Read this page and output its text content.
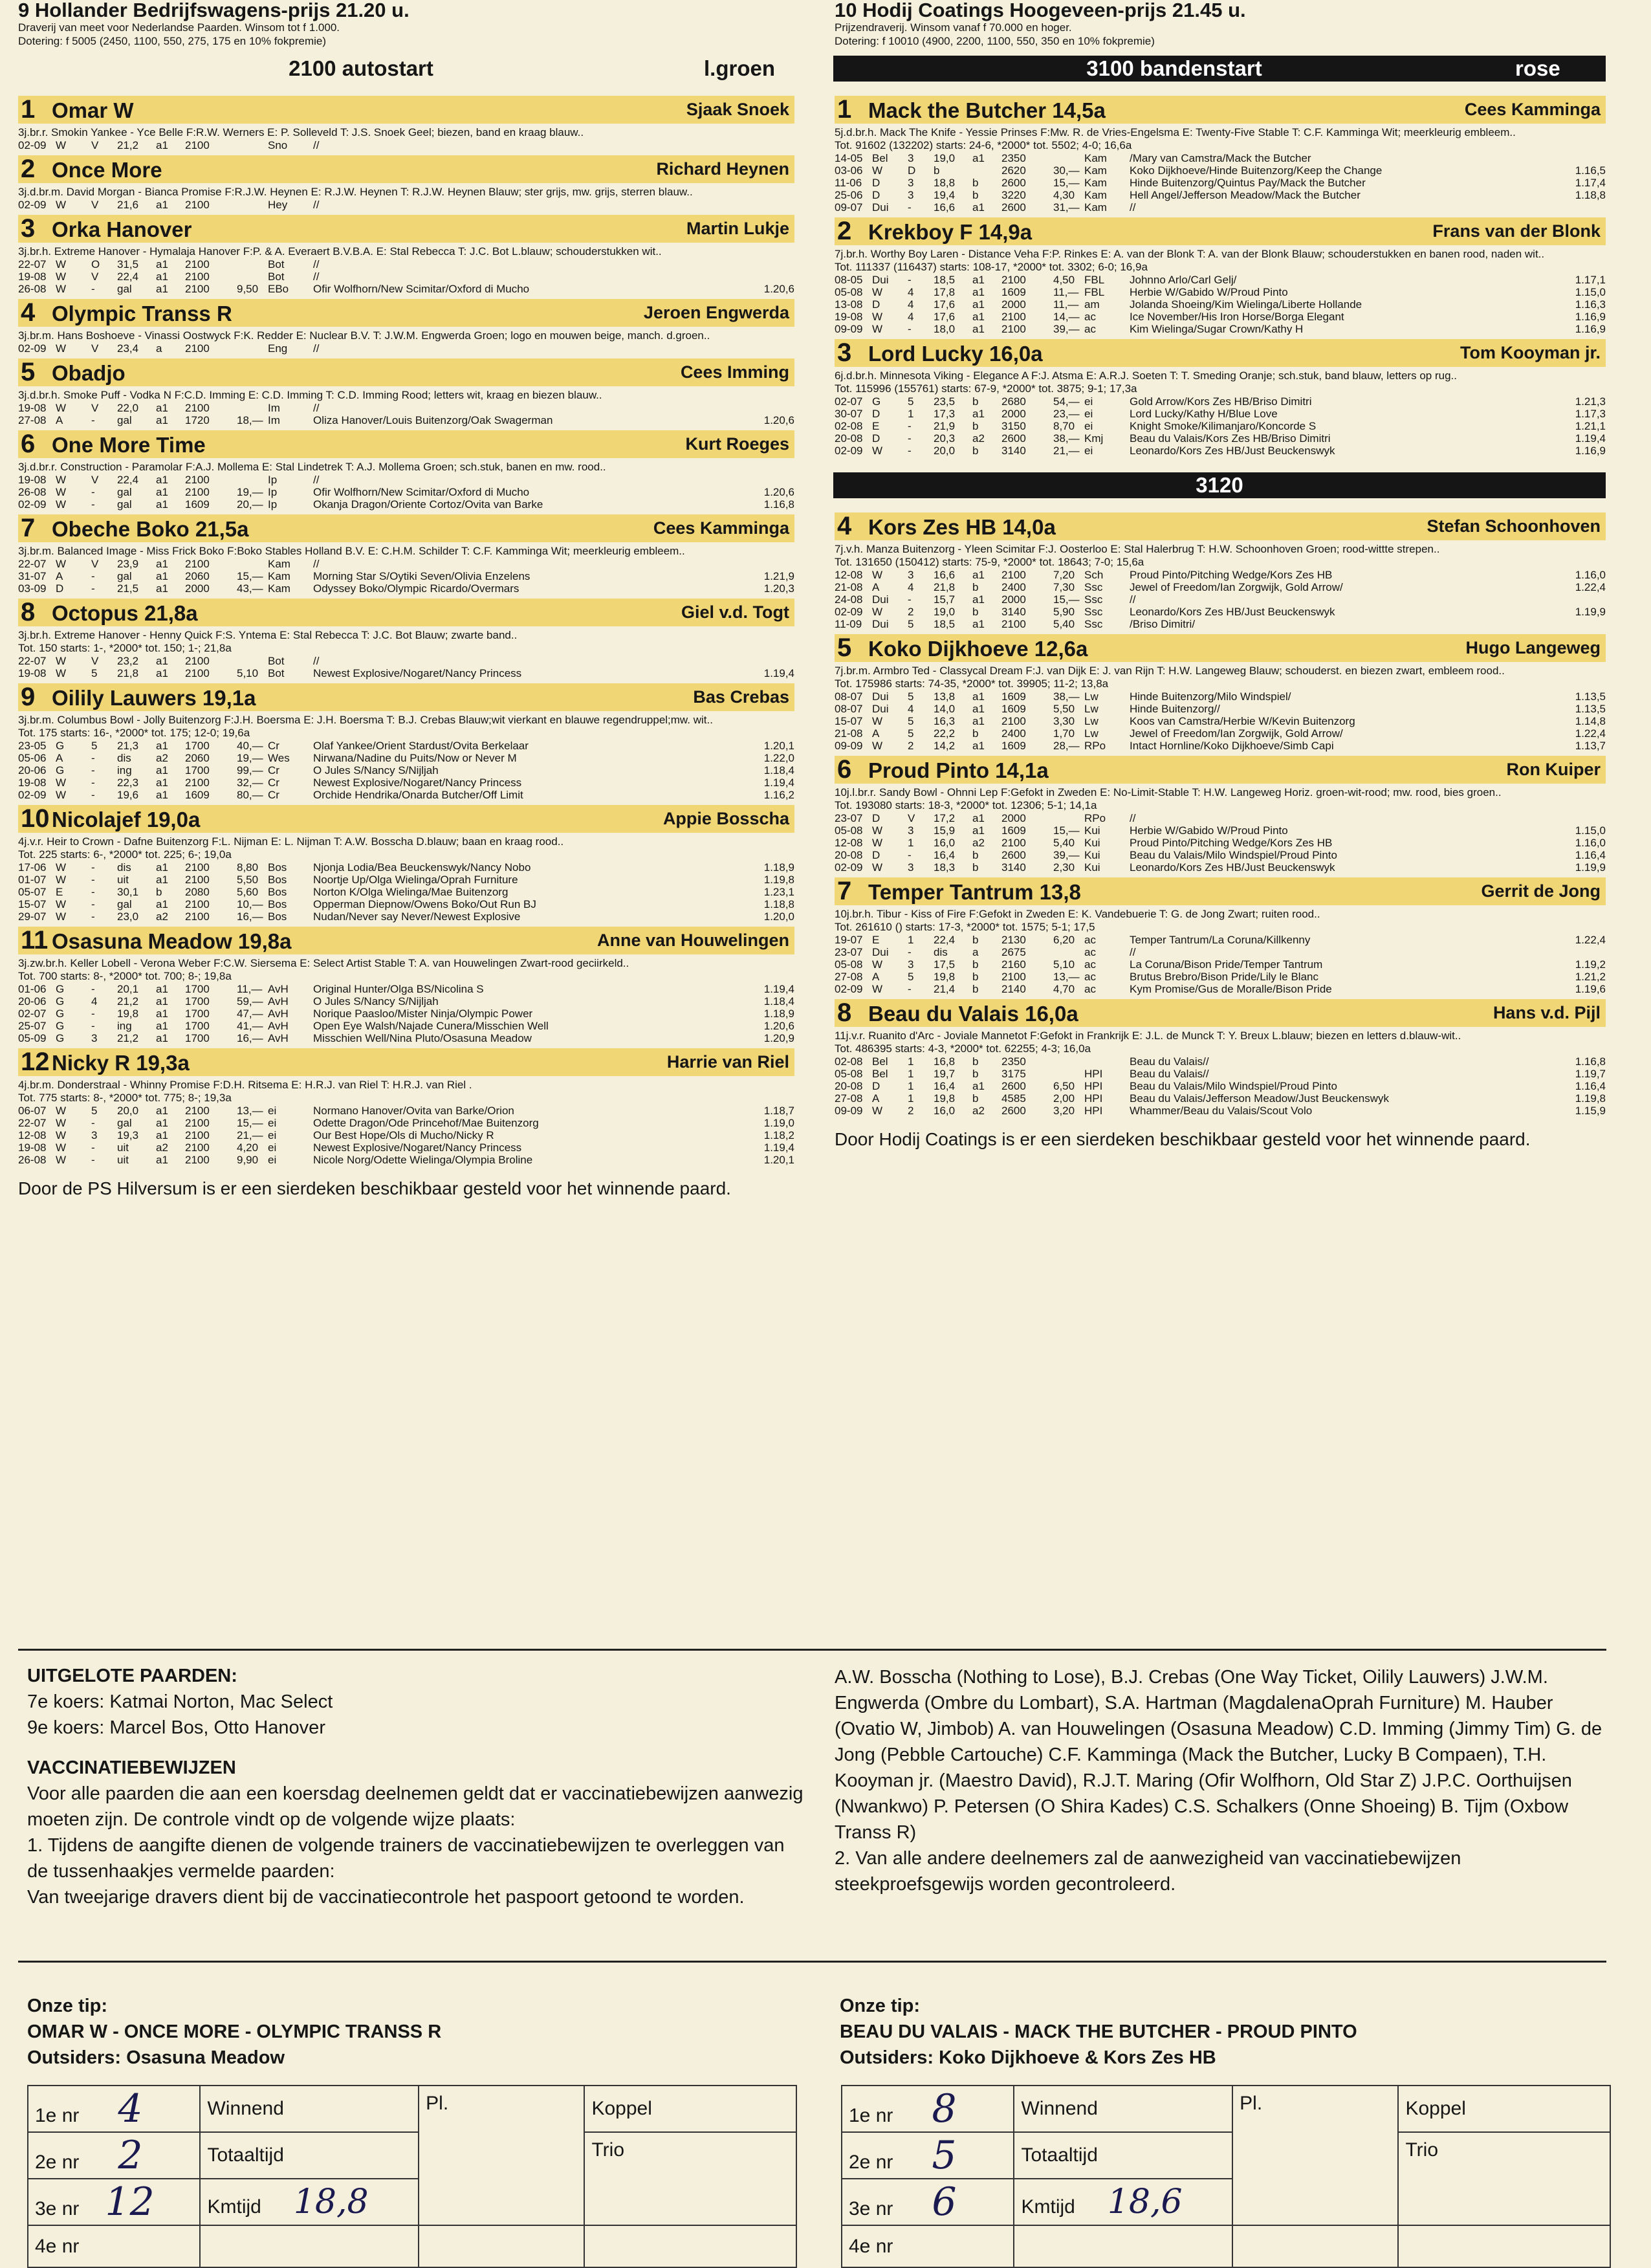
9 Hollander Bedrijfswagens-prijs 21.20 u.
Draverij van meet voor Nederlandse Paarden. Winsom tot f 1.000.
Dotering: f 5005 (2450, 1100, 550, 275, 175 en 10% fokpremie)
2100 autostart	l.groen
1 Omar W	Sjaak Snoek
3j.br.r. Smokin Yankee - Yce Belle F:R.W. Werners E: P. Solleveld T: J.S. Snoek Geel; biezen, band en kraag blauw..
02-09 W	V	21,2	a1	2100	Sno	//
2 Once More	Richard Heynen
3j.d.br.m. David Morgan - Bianca Promise F:R.J.W. Heynen E: R.J.W. Heynen T: R.J.W. Heynen Blauw; ster grijs, mw. grijs, sterren blauw..
02-09 W	V	21,6	a1	2100	Hey	//
3 Orka Hanover	Martin Lukje
3j.br.h. Extreme Hanover - Hymalaja Hanover F:P. & A. Everaert B.V.B.A. E: Stal Rebecca T: J.C. Bot L.blauw; schouderstukken wit..
22-07 W	O	31,5	a1	2100	Bot	//
19-08 W	V	22,4	a1	2100	Bot	//
26-08 W	-	gal	a1	2100	9,50 EBo	Ofir Wolfhorn/New Scimitar/Oxford di Mucho	1.20,6
4 Olympic Transs R	Jeroen Engwerda
3j.br.m. Hans Boshoeve - Vinassi Oostwyck F:K. Redder E: Nuclear B.V. T: J.W.M. Engwerda Groen; logo en mouwen beige, manch. d.groen..
02-09 W	V	23,4	a	2100	Eng	//
5 Obadjo	Cees Imming
3j.d.br.h. Smoke Puff - Vodka N F:C.D. Imming E: C.D. Imming T: C.D. Imming Rood; letters wit, kraag en biezen blauw..
19-08 W	V	22,0	a1	2100	Im	//
27-08 A	-	gal	a1	1720	18,— Im	Oliza Hanover/Louis Buitenzorg/Oak Swagerman	1.20,6
6 One More Time	Kurt Roeges
3j.d.br.r. Construction - Paramolar F:A.J. Mollema E: Stal Lindetrek T: A.J. Mollema Groen; sch.stuk, banen en mw. rood..
19-08 W	V	22,4	a1	2100	Ip	//
26-08 W	-	gal	a1	2100	19,— Ip	Ofir Wolfhorn/New Scimitar/Oxford di Mucho	1.20,6
02-09 W	-	gal	a1	1609	20,— Ip	Okanja Dragon/Oriente Cortoz/Ovita van Barke	1.16,8
7 Obeche Boko 21,5a	Cees Kamminga
3j.br.m. Balanced Image - Miss Frick Boko F:Boko Stables Holland B.V. E: C.H.M. Schilder T: C.F. Kamminga Wit; meerkleurig embleem..
22-07 W	V	23,9	a1	2100	Kam	//
31-07 A	-	gal	a1	2060	15,— Kam	Morning Star S/Oytiki Seven/Olivia Enzelens	1.21,9
03-09 D	-	21,5	a1	2000	43,— Kam	Odyssey Boko/Olympic Ricardo/Overmars	1.20,3
8 Octopus 21,8a	Giel v.d. Togt
3j.br.h. Extreme Hanover - Henny Quick F:S. Yntema E: Stal Rebecca T: J.C. Bot Blauw; zwarte band..
Tot. 150 starts: 1-, *2000* tot. 150; 1-; 21,8a
22-07 W	V	23,2	a1	2100	Bot	//
19-08 W	5	21,8	a1	2100	5,10 Bot	Newest Explosive/Nogaret/Nancy Princess	1.19,4
9 Oilily Lauwers 19,1a	Bas Crebas
3j.br.m. Columbus Bowl - Jolly Buitenzorg F:J.H. Boersma E: J.H. Boersma T: B.J. Crebas Blauw;wit vierkant en blauwe regendruppel;mw. wit..
Tot. 175 starts: 16-, *2000* tot. 175; 12-0; 19,6a
23-05 G	5	21,3	a1	1700	40,— Cr	Olaf Yankee/Orient Stardust/Ovita Berkelaar	1.20,1
05-06 A	-	dis	a2	2060	19,— Wes	Nirwana/Nadine du Puits/Now or Never M	1.22,0
20-06 G	-	ing	a1	1700	99,— Cr	O Jules S/Nancy S/Nijljah	1.18,4
19-08 W	-	22,3	a1	2100	32,— Cr	Newest Explosive/Nogaret/Nancy Princess	1.19,4
02-09 W	-	19,6	a1	1609	80,— Cr	Orchide Hendrika/Onarda Butcher/Off Limit	1.16,2
10 Nicolajef 19,0a	Appie Bosscha
4j.v.r. Heir to Crown - Dafne Buitenzorg F:L. Nijman E: L. Nijman T: A.W. Bosscha D.blauw; baan en kraag rood..
Tot. 225 starts: 6-, *2000* tot. 225; 6-; 19,0a
17-06 W	-	dis	a1	2100	8,80 Bos	Njonja Lodia/Bea Beuckenswyk/Nancy Nobo	1.18,9
01-07 W	-	uit	a1	2100	5,50 Bos	Noortje Up/Olga Wielinga/Oprah Furniture	1.19,8
05-07 E	-	30,1	b	2080	5,60 Bos	Norton K/Olga Wielinga/Mae Buitenzorg	1.23,1
15-07 W	-	gal	a1	2100	10,— Bos	Opperman Diepnow/Owens Boko/Out Run BJ	1.18,8
29-07 W	-	23,0	a2	2100	16,— Bos	Nudan/Never say Never/Newest Explosive	1.20,0
11 Osasuna Meadow 19,8a	Anne van Houwelingen
3j.zw.br.h. Keller Lobell - Verona Weber F:C.W. Siersema E: Select Artist Stable T: A. van Houwelingen Zwart-rood geciirkeld..
Tot. 700 starts: 8-, *2000* tot. 700; 8-; 19,8a
01-06 G	-	20,1	a1	1700	11,— AvH	Original Hunter/Olga BS/Nicolina S	1.19,4
20-06 G	4	21,2	a1	1700	59,— AvH	O Jules S/Nancy S/Nijljah	1.18,4
02-07 G	-	19,8	a1	1700	47,— AvH	Norique Paasloo/Mister Ninja/Olympic Power	1.18,9
25-07 G	-	ing	a1	1700	41,— AvH	Open Eye Walsh/Najade Cunera/Misschien Well	1.20,6
05-09 G	3	21,2	a1	1700	16,— AvH	Misschien Well/Nina Pluto/Osasuna Meadow	1.20,9
12 Nicky R 19,3a	Harrie van Riel
4j.br.m. Donderstraal - Whinny Promise F:D.H. Ritsema E: H.R.J. van Riel T: H.R.J. van Riel .
Tot. 775 starts: 8-, *2000* tot. 775; 8-; 19,3a
06-07 W	5	20,0	a1	2100	13,— ei	Normano Hanover/Ovita van Barke/Orion	1.18,7
22-07 W	-	gal	a1	2100	15,— ei	Odette Dragon/Ode Princehof/Mae Buitenzorg	1.19,0
12-08 W	3	19,3	a1	2100	21,— ei	Our Best Hope/Ols di Mucho/Nicky R	1.18,2
19-08 W	-	uit	a2	2100	4,20 ei	Newest Explosive/Nogaret/Nancy Princess	1.19,4
26-08 W	-	uit	a1	2100	9,90 ei	Nicole Norg/Odette Wielinga/Olympia Broline	1.20,1
Door de PS Hilversum is er een sierdeken beschikbaar gesteld voor het winnende paard.
10 Hodij Coatings Hoogeveen-prijs 21.45 u.
Prijzendraverij. Winsom vanaf f 70.000 en hoger.
Dotering: f 10010 (4900, 2200, 1100, 550, 350 en 10% fokpremie)
3100 bandenstart	rose
1 Mack the Butcher 14,5a	Cees Kamminga
5j.d.br.h. Mack The Knife - Yessie Prinses F:Mw. R. de Vries-Engelsma E: Twenty-Five Stable T: C.F. Kamminga Wit; meerkleurig embleem..
Tot. 91602 (132202) starts: 24-6, *2000* tot. 5502; 4-0; 16,6a
14-05 Bel	3	19,0	a1	2350	Kam	/Mary van Camstra/Mack the Butcher
03-06 W	D	b	2620	30,— Kam	Koko Dijkhoeve/Hinde Buitenzorg/Keep the Change	1.16,5
11-06 D	3	18,8	b	2600	15,— Kam	Hinde Buitenzorg/Quintus Pay/Mack the Butcher	1.17,4
25-06 D	3	19,4	b	3220	4,30 Kam	Hell Angel/Jefferson Meadow/Mack the Butcher	1.18,8
09-07 Dui	-	16,6	a1	2600	31,— Kam	//
2 Krekboy F 14,9a	Frans van der Blonk
7j.br.h. Worthy Boy Laren - Distance Veha F:P. Rinkes E: A. van der Blonk T: A. van der Blonk Blauw; schouderstukken en banen rood, naden wit..
Tot. 111337 (116437) starts: 108-17, *2000* tot. 3302; 6-0; 16,9a
08-05 Dui	-	18,5	a1	2100	4,50 FBL	Johnno Arlo/Carl Gelj/	1.17,1
05-08 W	4	17,8	a1	1609	11,— FBL	Herbie W/Gabido W/Proud Pinto	1.15,0
13-08 D	4	17,6	a1	2000	11,— am	Jolanda Shoeing/Kim Wielinga/Liberte Hollande	1.16,3
19-08 W	4	17,6	a1	2100	14,— ac	Ice November/His Iron Horse/Borga Elegant	1.16,9
09-09 W	-	18,0	a1	2100	39,— ac	Kim Wielinga/Sugar Crown/Kathy H	1.16,9
3 Lord Lucky 16,0a	Tom Kooyman jr.
6j.d.br.h. Minnesota Viking - Elegance A F:J. Atsma E: A.R.J. Soeten T: T. Smeding Oranje; sch.stuk, band blauw, letters op rug..
Tot. 115996 (155761) starts: 67-9, *2000* tot. 3875; 9-1; 17,3a
02-07 G	5	23,5	b	2680	54,— ei	Gold Arrow/Kors Zes HB/Briso Dimitri	1.21,3
30-07 D	1	17,3	a1	2000	23,— ei	Lord Lucky/Kathy H/Blue Love	1.17,3
02-08 E	-	21,9	b	3150	8,70 ei	Knight Smoke/Kilimanjaro/Koncorde S	1.21,1
20-08 D	-	20,3	a2	2600	38,— Kmj	Beau du Valais/Kors Zes HB/Briso Dimitri	1.19,4
02-09 W	-	20,0	b	3140	21,— ei	Leonardo/Kors Zes HB/Just Beuckenswyk	1.16,9
3120
4 Kors Zes HB 14,0a	Stefan Schoonhoven
7j.v.h. Manza Buitenzorg - Yleen Scimitar F:J. Oosterloo E: Stal Halerbrug T: H.W. Schoonhoven Groen; rood-wittte strepen..
Tot. 131650 (150412) starts: 75-9, *2000* tot. 18643; 7-0; 15,6a
12-08 W	3	16,6	a1	2100	7,20 Sch	Proud Pinto/Pitching Wedge/Kors Zes HB	1.16,0
21-08 A	4	21,8	b	2400	7,30 Ssc	Jewel of Freedom/Ian Zorgwijk, Gold Arrow/	1.22,4
24-08 Dui	-	15,7	a1	2000	15,— Ssc	//
02-09 W	2	19,0	b	3140	5,90 Ssc	Leonardo/Kors Zes HB/Just Beuckenswyk	1.19,9
11-09 Dui	5	18,5	a1	2100	5,40 Ssc	/Briso Dimitri/
5 Koko Dijkhoeve 12,6a	Hugo Langeweg
7j.br.m. Armbro Ted - Classycal Dream F:J. van Dijk E: J. van Rijn T: H.W. Langeweg Blauw; schouderst. en biezen zwart, embleem rood..
Tot. 175986 starts: 74-35, *2000* tot. 39905; 11-2; 13,8a
08-07 Dui	5	13,8	a1	1609	38,— Lw	Hinde Buitenzorg/Milo Windspiel/	1.13,5
08-07 Dui	4	14,0	a1	1609	5,50 Lw	Hinde Buitenzorg//	1.13,5
15-07 W	5	16,3	a1	2100	3,30 Lw	Koos van Camstra/Herbie W/Kevin Buitenzorg	1.14,8
21-08 A	5	22,2	b	2400	1,70 Lw	Jewel of Freedom/Ian Zorgwijk, Gold Arrow/	1.22,4
09-09 W	2	14,2	a1	1609	28,— RPo	Intact Hornline/Koko Dijkhoeve/Simb Capi	1.13,7
6 Proud Pinto 14,1a	Ron Kuiper
10j.l.br.r. Sandy Bowl - Ohnni Lep F:Gefokt in Zweden E: No-Limit-Stable T: H.W. Langeweg Horiz. groen-wit-rood; mw. rood, bies groen..
Tot. 193080 starts: 18-3, *2000* tot. 12306; 5-1; 14,1a
23-07 D	V	17,2	a1	2000	RPo	//
05-08 W	3	15,9	a1	1609	15,— Kui	Herbie W/Gabido W/Proud Pinto	1.15,0
12-08 W	1	16,0	a2	2100	5,40 Kui	Proud Pinto/Pitching Wedge/Kors Zes HB	1.16,0
20-08 D	-	16,4	b	2600	39,— Kui	Beau du Valais/Milo Windspiel/Proud Pinto	1.16,4
02-09 W	3	18,3	b	3140	2,30 Kui	Leonardo/Kors Zes HB/Just Beuckenswyk	1.19,9
7 Temper Tantrum 13,8	Gerrit de Jong
10j.br.h. Tibur - Kiss of Fire F:Gefokt in Zweden E: K. Vandebuerie T: G. de Jong Zwart; ruiten rood..
Tot. 261610 () starts: 17-3, *2000* tot. 1575; 5-1; 17,5
19-07 E	1	22,4	b	2130	6,20 ac	Temper Tantrum/La Coruna/Killkenny	1.22,4
23-07 Dui	-	dis	a	2675	ac	//
05-08 W	3	17,5	b	2160	5,10 ac	La Coruna/Bison Pride/Temper Tantrum	1.19,2
27-08 A	5	19,8	b	2100	13,— ac	Brutus Brebro/Bison Pride/Lily le Blanc	1.21,2
02-09 W	-	21,4	b	2140	4,70 ac	Kym Promise/Gus de Moralle/Bison Pride	1.19,6
8 Beau du Valais 16,0a	Hans v.d. Pijl
11j.v.r. Ruanito d'Arc - Joviale Mannetot F:Gefokt in Frankrijk E: J.L. de Munck T: Y. Breux L.blauw; biezen en letters d.blauw-wit..
Tot. 486395 starts: 4-3, *2000* tot. 62255; 4-3; 16,0a
02-08 Bel	1	16,8	b	2350	Beau du Valais//	1.16,8
05-08 Bel	1	19,7	b	3175	HPI	Beau du Valais//	1.19,7
20-08 D	1	16,4	a1	2600	6,50 HPI	Beau du Valais/Milo Windspiel/Proud Pinto	1.16,4
27-08 A	1	19,8	b	4585	2,00 HPI	Beau du Valais/Jefferson Meadow/Just Beuckenswyk	1.19,8
09-09 W	2	16,0	a2	2600	3,20 HPI	Whammer/Beau du Valais/Scout Volo	1.15,9
Door Hodij Coatings is er een sierdeken beschikbaar gesteld voor het winnende paard.
UITGELOTE PAARDEN:
7e koers: Katmai Norton, Mac Select
9e koers: Marcel Bos, Otto Hanover
VACCINATIEBEWIJZEN
Voor alle paarden die aan een koersdag deelnemen geldt dat er vaccinatiebewijzen aanwezig moeten zijn. De controle vindt op de volgende wijze plaats:
1. Tijdens de aangifte dienen de volgende trainers de vaccinatiebewijzen te overleggen van de tussenhaakjes vermelde paarden:
Van tweejarige dravers dient bij de vaccinatiecontrole het paspoort getoond te worden.
A.W. Bosscha (Nothing to Lose), B.J. Crebas (One Way Ticket, Oilily Lauwers) J.W.M. Engwerda (Ombre du Lombart), S.A. Hartman (MagdalenaOprah Furniture) M. Hauber (Ovatio W, Jimbob) A. van Houwelingen (Osasuna Meadow) C.D. Imming (Jimmy Tim) G. de Jong (Pebble Cartouche) C.F. Kamminga (Mack the Butcher, Lucky B Compaen), T.H. Kooyman jr. (Maestro David), R.J.T. Maring (Ofir Wolfhorn, Old Star Z) J.P.C. Oorthuijsen (Nwankwo) P. Petersen (O Shira Kades) C.S. Schalkers (Onne Shoeing) B. Tijm (Oxbow Transs R)
2. Van alle andere deelnemers zal de aanwezigheid van vaccinatiebewijzen steekproefsgewijs worden gecontroleerd.
Onze tip:
OMAR W - ONCE MORE - OLYMPIC TRANSS R
Outsiders: Osasuna Meadow
Onze tip:
BEAU DU VALAIS - MACK THE BUTCHER - PROUD PINTO
Outsiders: Koko Dijkhoeve & Kors Zes HB
1e nr 4	Winnend	Pl.	Koppel
2e nr 2	Totaaltijd		Trio
3e nr 12	Kmtijd 18,8		
4e nr			
1e nr 8	Winnend	Pl.	Koppel
2e nr 5	Totaaltijd		Trio
3e nr 6	Kmtijd 18,6		
4e nr			
